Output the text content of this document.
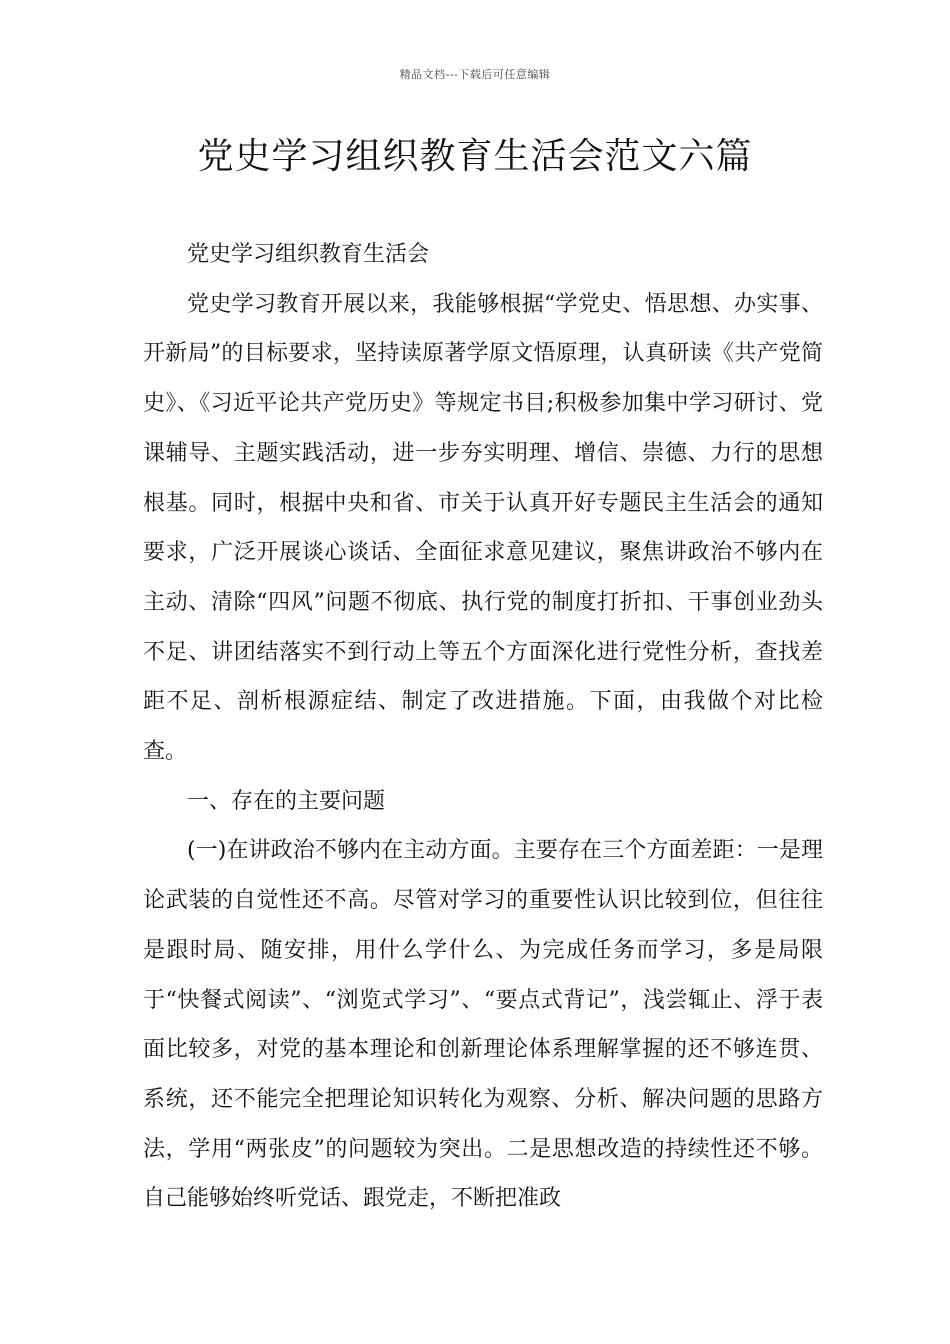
精品文档---下载后可任意编辑
党史学习组织教育生活会范文六篇

党史学习组织教育生活会

党史学习教育开展以来，我能够根据“学党史、悟思想、办实事、开新局”的目标要求，坚持读原著学原文悟原理，认真研读《共产党简史》、《习近平论共产党历史》等规定书目;积极参加集中学习研讨、党课辅导、主题实践活动，进一步夯实明理、增信、崇德、力行的思想根基。同时，根据中央和省、市关于认真开好专题民主生活会的通知要求，广泛开展谈心谈话、全面征求意见建议，聚焦讲政治不够内在主动、清除“四风”问题不彻底、执行党的制度打折扣、干事创业劲头不足、讲团结落实不到行动上等五个方面深化进行党性分析，查找差距不足、剖析根源症结、制定了改进措施。下面，由我做个对比检查。

一、存在的主要问题

(一)在讲政治不够内在主动方面。主要存在三个方面差距：一是理论武装的自觉性还不高。尽管对学习的重要性认识比较到位，但往往是跟时局、随安排，用什么学什么、为完成任务而学习，多是局限于“快餐式阅读”、“浏览式学习”、“要点式背记”，浅尝辄止、浮于表面比较多，对党的基本理论和创新理论体系理解掌握的还不够连贯、系统，还不能完全把理论知识转化为观察、分析、解决问题的思路方法，学用“两张皮”的问题较为突出。二是思想改造的持续性还不够。自己能够始终听党话、跟党走，不断把准政
